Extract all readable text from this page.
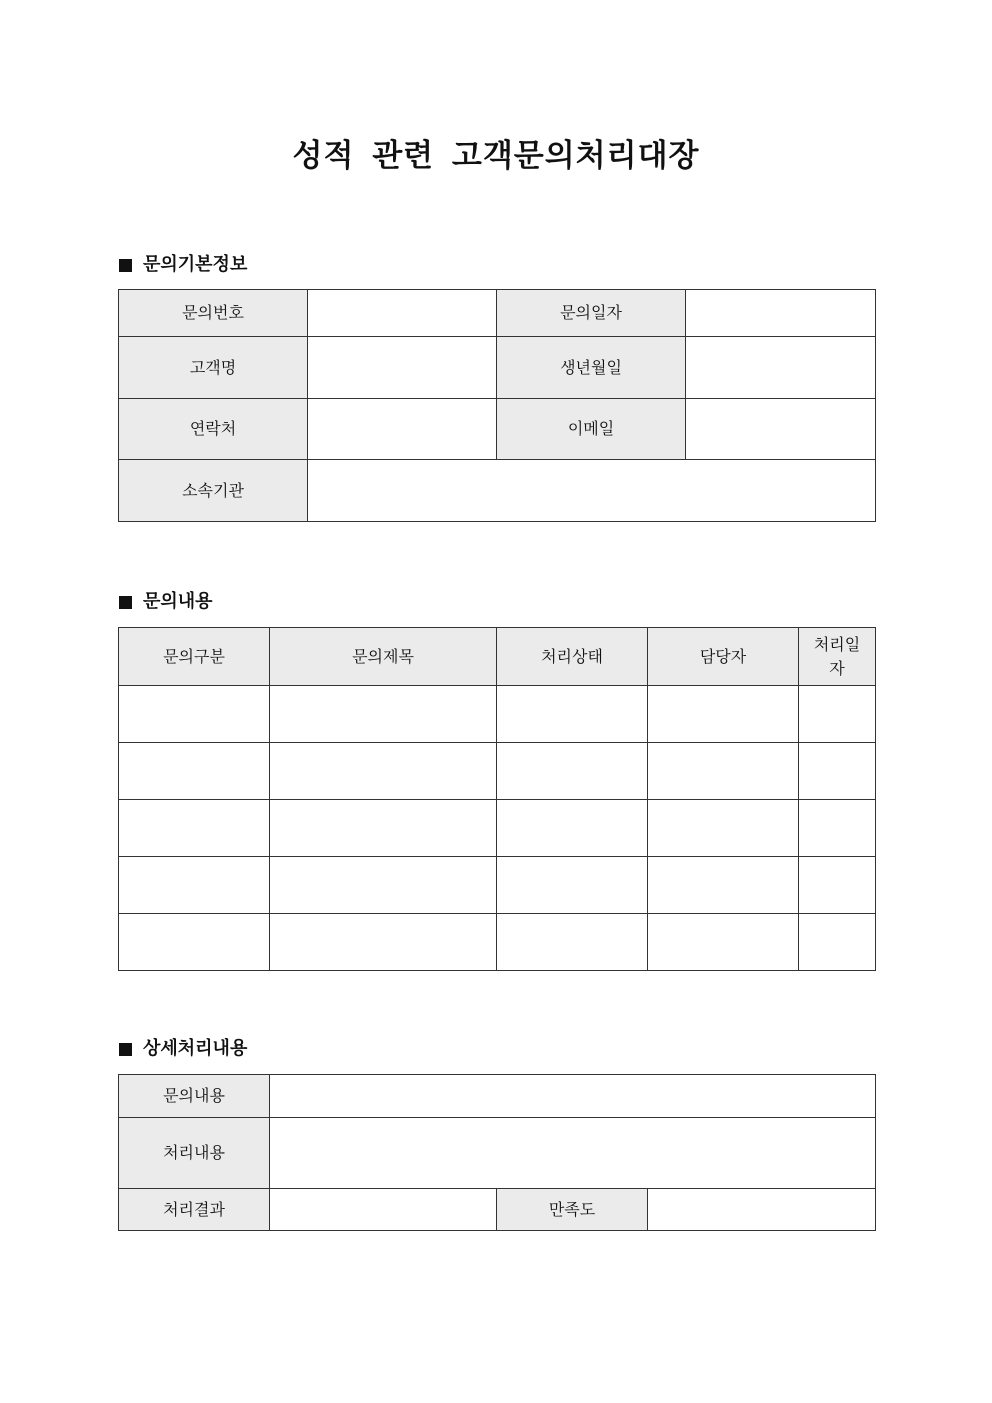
성적 관련 고객문의처리대장
문의기본정보
문의번호		문의일자	
고객명		생년월일	
연락처		이메일	
소속기관			
문의내용
문의구분	문의제목	처리상태	담당자	처리일자

상세처리내용
문의내용			
처리내용			
처리결과		만족도	
